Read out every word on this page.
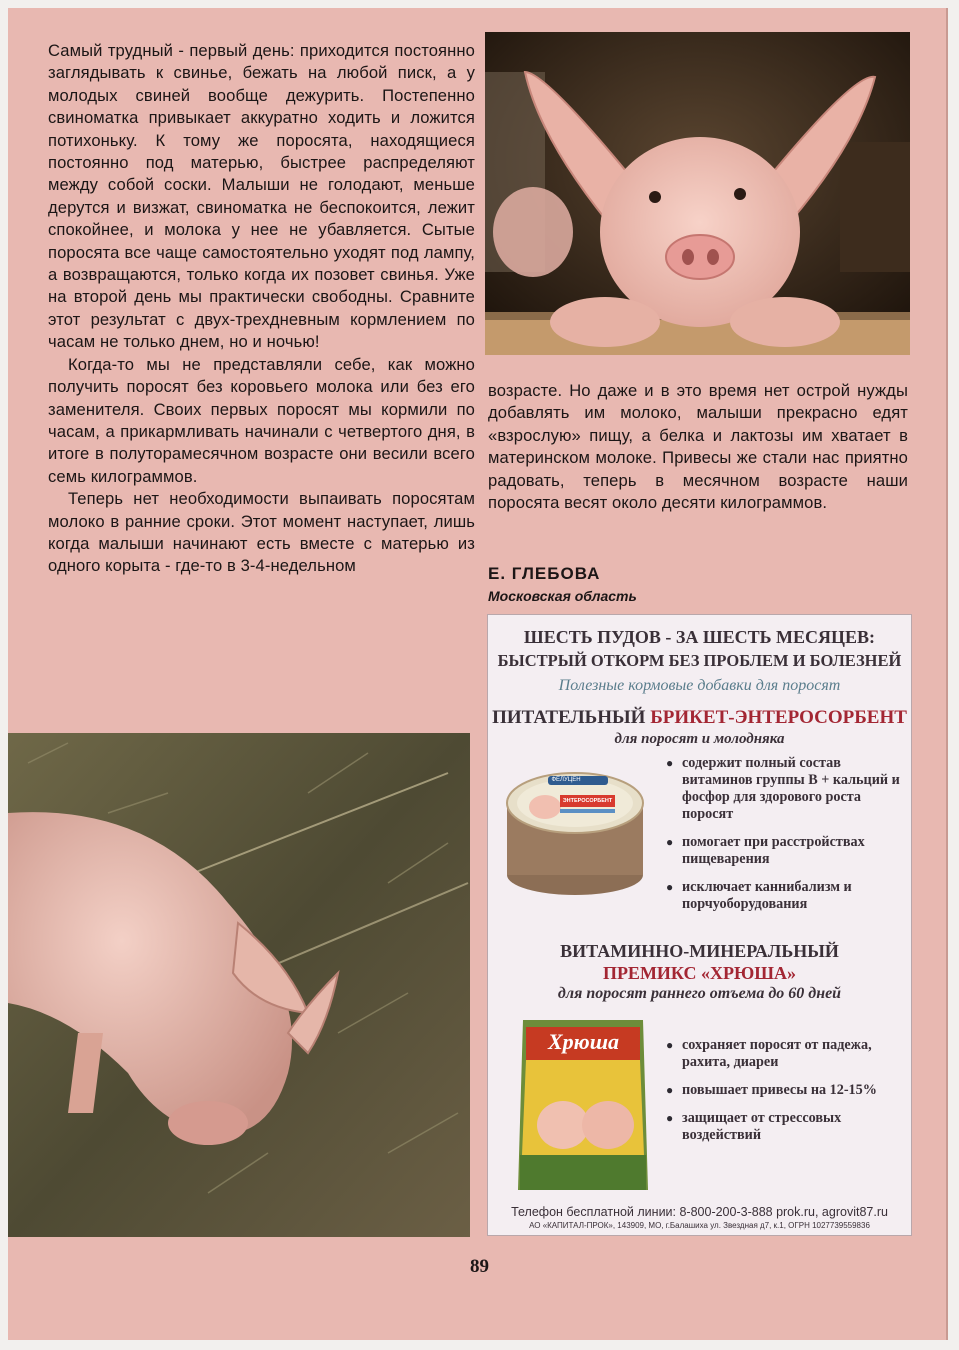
Самый трудный - первый день: приходится постоянно заглядывать к свинье, бежать на любой писк, а у молодых свиней вообще дежурить. Постепенно свиноматка привыкает аккуратно ходить и ложится потихоньку. К тому же поросята, находящиеся постоянно под матерью, быстрее распределяют между собой соски. Малыши не голодают, меньше дерутся и визжат, свиноматка не беспокоится, лежит спокойнее, и молока у нее не убавляется. Сытые поросята все чаще самостоятельно уходят под лампу, а возвращаются, только когда их позовет свинья. Уже на второй день мы практически свободны. Сравните этот результат с двух-трехдневным кормлением по часам не только днем, но и ночью!

Когда-то мы не представляли себе, как можно получить поросят без коровьего молока или без его заменителя. Своих первых поросят мы кормили по часам, а прикармливать начинали с четвертого дня, в итоге в полуторамесячном возрасте они весили всего семь килограммов.

Теперь нет необходимости выпаивать поросятам молоко в ранние сроки. Этот момент наступает, лишь когда малыши начинают есть вместе с матерью из одного корыта - где-то в 3-4-недельном

возрасте. Но даже и в это время нет острой нужды добавлять им молоко, малыши прекрасно едят «взрослую» пищу, а белка и лактозы им хватает в материнском молоке. Привесы же стали нас приятно радовать, теперь в месячном возрасте наши поросята весят около десяти килограммов.

Е. ГЛЕБОВА
Московская область
ШЕСТЬ ПУДОВ - ЗА ШЕСТЬ МЕСЯЦЕВ:
БЫСТРЫЙ ОТКОРМ БЕЗ ПРОБЛЕМ И БОЛЕЗНЕЙ
Полезные кормовые добавки для поросят
ПИТАТЕЛЬНЫЙ БРИКЕТ-ЭНТЕРОСОРБЕНТ
для поросят и молодняка
ФЕЛУЦЕН
ЭНТЕРОСОРБЕНТ
● содержит полный состав витаминов группы В + кальций и фосфор для здорового роста поросят
● помогает при расстройствах пищеварения
● исключает каннибализм и порчуоборудования
ВИТАМИННО-МИНЕРАЛЬНЫЙ
ПРЕМИКС «ХРЮША»
для поросят раннего отъема до 60 дней
Хрюша
●	сохраняет поросят от падежа, рахита, диареи
● повышает привесы на 12-15%
● защищает от стрессовых воздействий
Телефон бесплатной линии: 8-800-200-3-888 prok.ru, agrovit87.ru
АО «КАПИТАЛ-ПРОК», 143909, МО, г.Балашиха ул. Звездная д7, к.1, ОГРН 1027739559836
89
